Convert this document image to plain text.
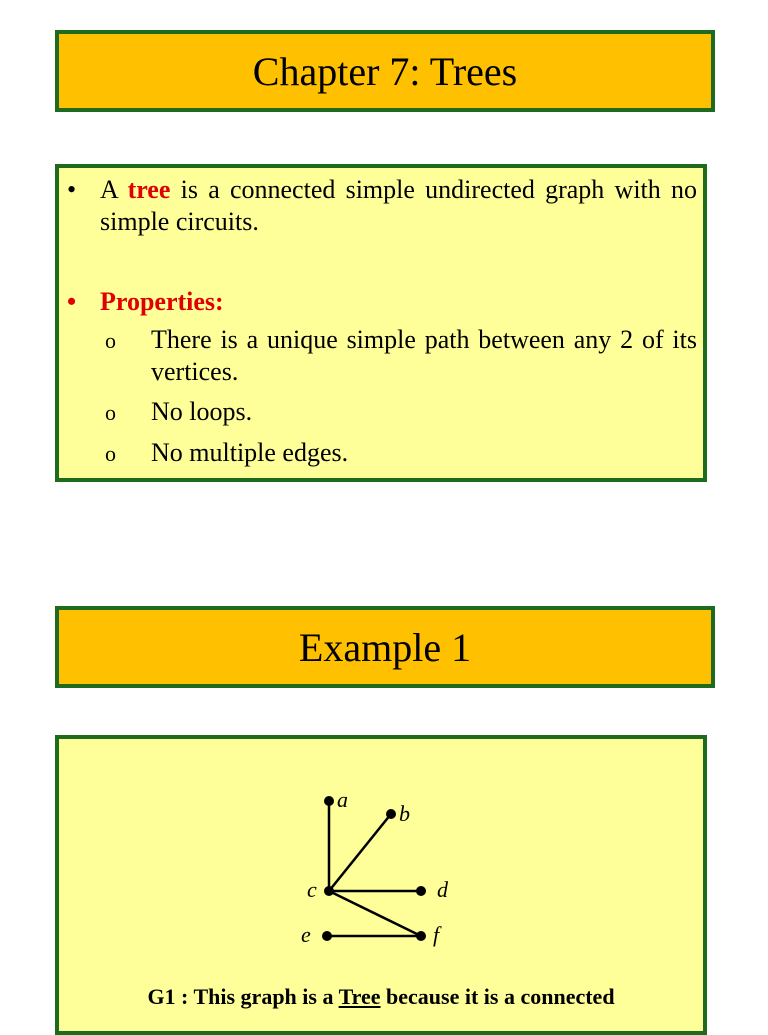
Chapter 7: Trees
• A tree is a connected simple undirected graph with no simple circuits.
• Properties:
o	There is a unique simple path between any 2 of its vertices.
o	No loops.
o	No multiple edges.
Example 1
a
b
c	d
e	f
G1 : This graph is a Tree because it is a connected
